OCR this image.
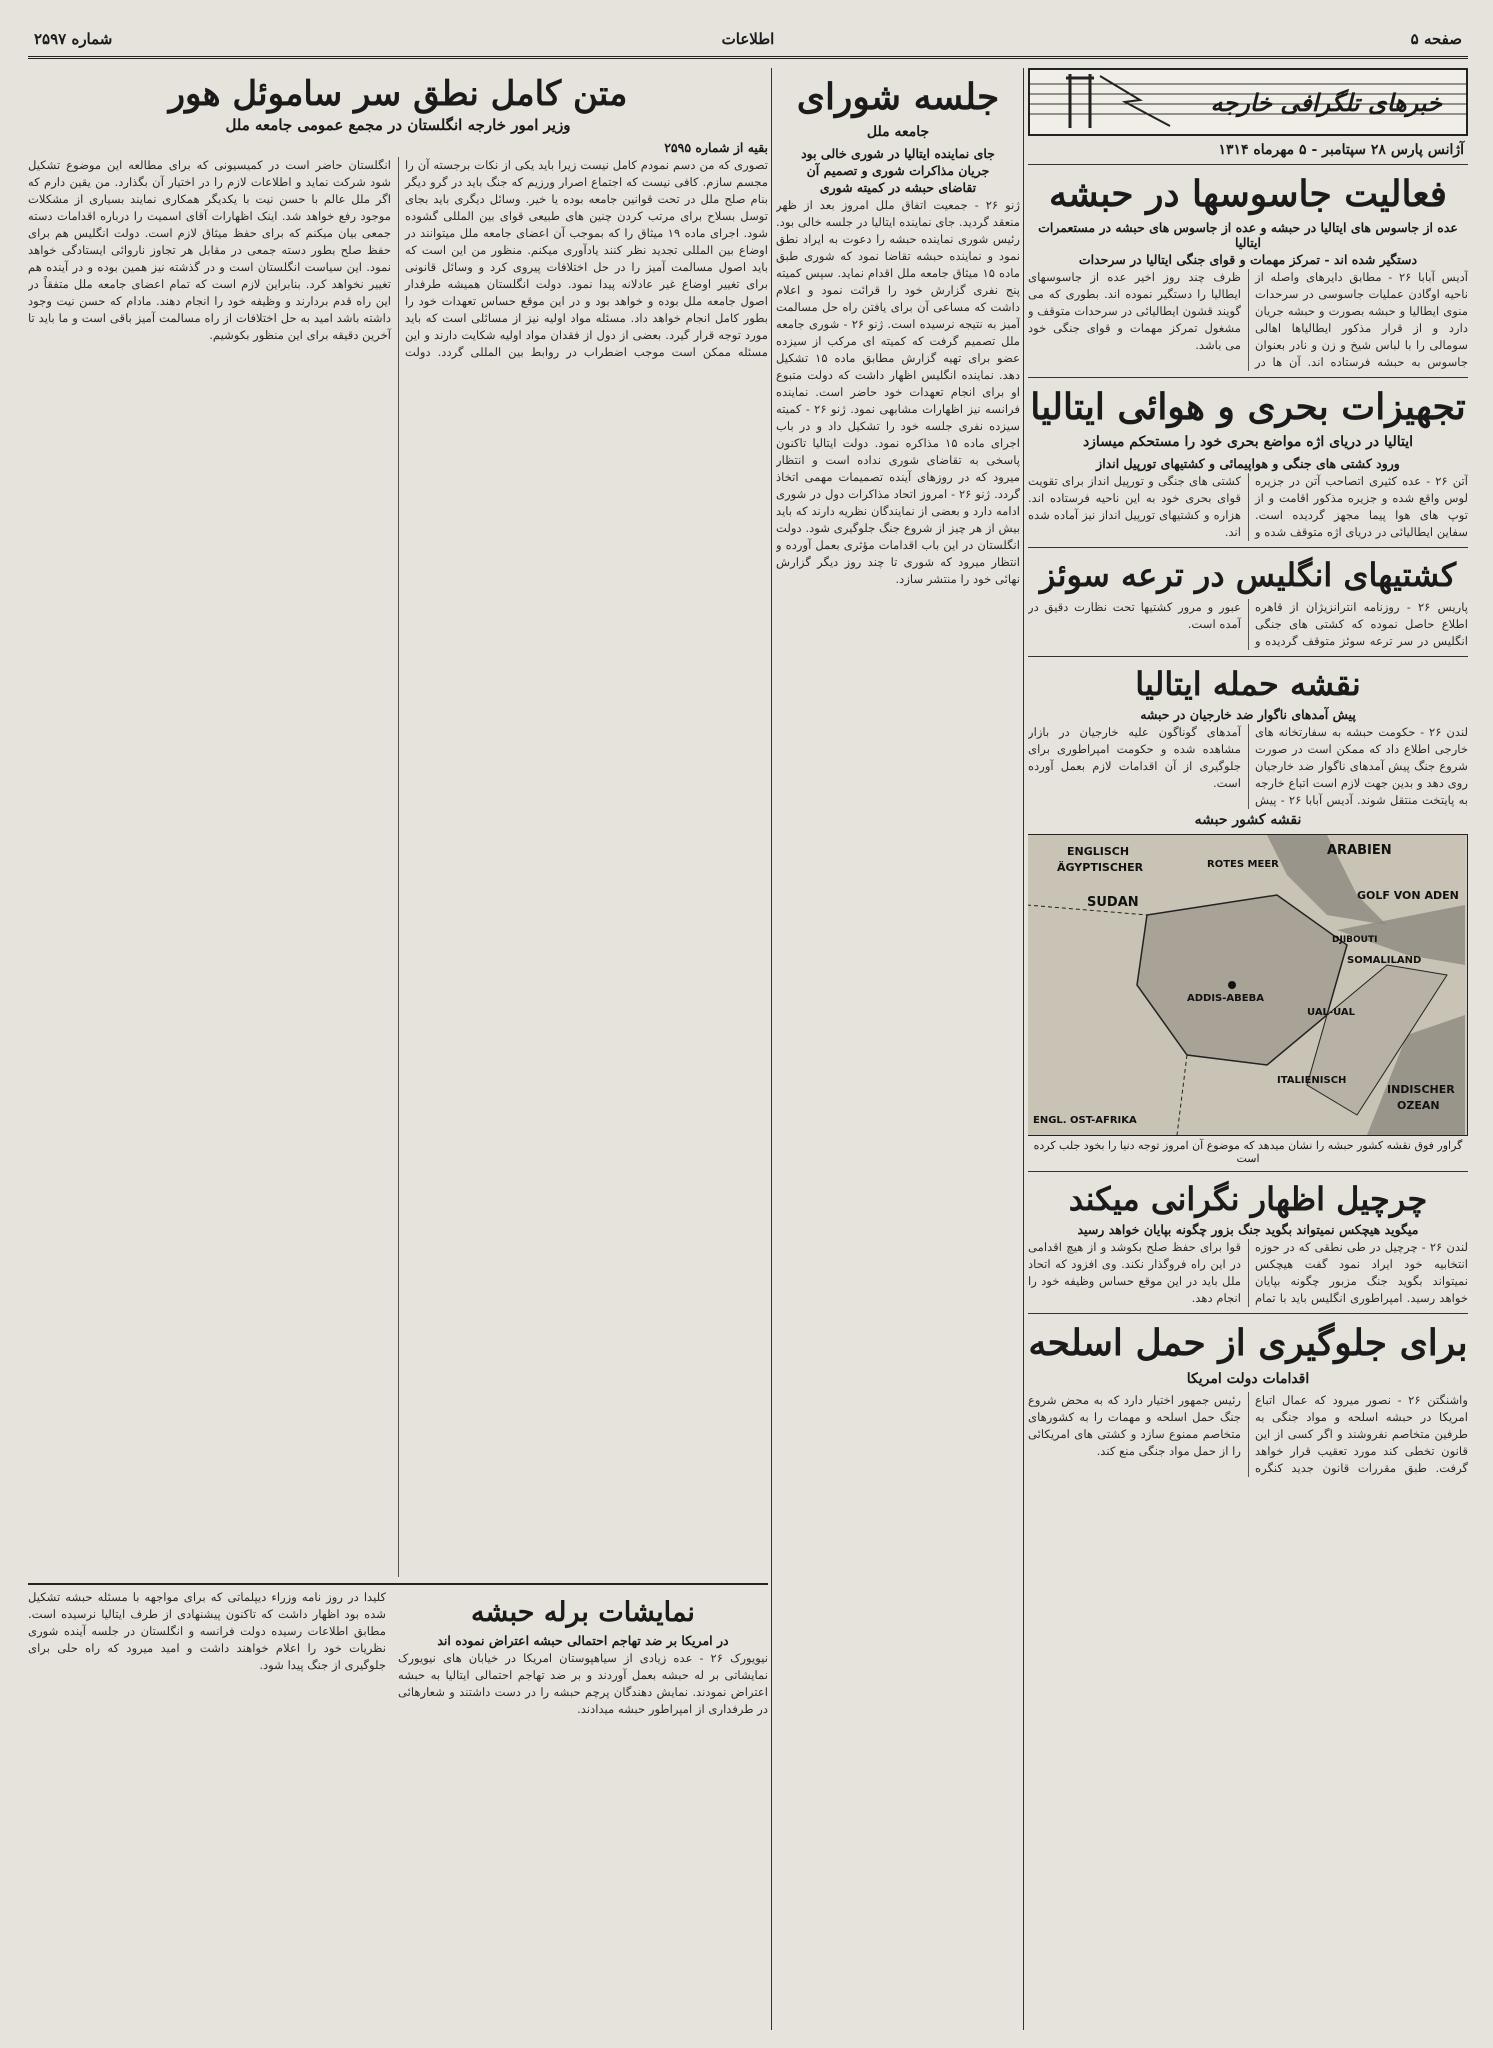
صفحه ۵
اطلاعات
شماره ۲۵۹۷
خبرهای تلگرافی خارجه
آژانس پارس ۲۸ سپتامبر - ۵ مهرماه ۱۳۱۴
فعالیت جاسوسها در حبشه
عده از جاسوس های ایتالیا در حبشه و عده از جاسوس های حبشه در مستعمرات ایتالیا
دستگیر شده اند - تمرکز مهمات و قوای جنگی ایتالیا در سرحدات
آدیس آبابا ۲۶ - مطابق دایرهای واصله از ناحیه اوگادن عملیات جاسوسی در سرحدات منوی ایطالیا و حبشه بصورت و حبشه جریان دارد و از قرار مذکور ایطالیاها اهالی سومالی را با لباس شیخ و زن و نادر بعنوان جاسوس به حبشه فرستاده اند. آن ها در ظرف چند روز اخیر عده از جاسوسهای ایطالیا را دستگیر نموده اند. بطوری که می گویند قشون ایطالیائی در سرحدات متوقف و مشغول تمرکز مهمات و قوای جنگی خود می باشد.
تجهیزات بحری و هوائی ایتالیا
ایتالیا در دریای اژه مواضع بحری خود را مستحکم میسازد
ورود کشتی های جنگی و هواپیمائی و کشتیهای تورپیل انداز
آتن ۲۶ - عده کثیری اتصاحب آتن در جزیره لوس واقع شده و جزیره مذکور اقامت و از توپ های هوا پیما مجهز گردیده است. سفاین ایطالیائی در دریای اژه متوقف شده و کشتی های جنگی و تورپیل انداز برای تقویت قوای بحری خود به این ناحیه فرستاده اند. هزاره و کشتیهای تورپیل انداز نیز آماده شده اند.
کشتیهای انگلیس در ترعه سوئز
پاریس ۲۶ - روزنامه انترانزیژان از قاهره اطلاع حاصل نموده که کشتی های جنگی انگلیس در سر ترعه سوئز متوقف گردیده و عبور و مرور کشتیها تحت نظارت دقیق در آمده است.
نقشه حمله ایتالیا
پیش آمدهای ناگوار ضد خارجیان در حبشه
لندن ۲۶ - حکومت حبشه به سفارتخانه های خارجی اطلاع داد که ممکن است در صورت شروع جنگ پیش آمدهای ناگوار ضد خارجیان روی دهد و بدین جهت لازم است اتباع خارجه به پایتخت منتقل شوند. آدیس آبابا ۲۶ - پیش آمدهای گوناگون علیه خارجیان در بازار مشاهده شده و حکومت امپراطوری برای جلوگیری از آن اقدامات لازم بعمل آورده است.
نقشه کشور حبشه
ENGLISCH
ÄGYPTISCHER
SUDAN
ARABIEN
GOLF VON ADEN
DJIBOUTI
ADDIS-ABEBA
SOMALILAND
UAL-UAL
ITALIENISCH
INDISCHER
OZEAN
ENGL. OST-AFRIKA
ROTES MEER
گراور فوق نقشه کشور حبشه را نشان میدهد که موضوع آن امروز توجه دنیا را بخود جلب کرده است
چرچیل اظهار نگرانی میکند
میگوید هیچکس نمیتواند بگوید جنگ بزور چگونه بپایان خواهد رسید
لندن ۲۶ - چرچیل در طی نطقی که در حوزه انتخابیه خود ایراد نمود گفت هیچکس نمیتواند بگوید جنگ مزبور چگونه بپایان خواهد رسید. امپراطوری انگلیس باید با تمام قوا برای حفظ صلح بکوشد و از هیچ اقدامی در این راه فروگذار نکند. وی افزود که اتحاد ملل باید در این موقع حساس وظیفه خود را انجام دهد.
برای جلوگیری از حمل اسلحه
اقدامات دولت امریکا
واشنگتن ۲۶ - نصور میرود که عمال اتباع امریکا در حبشه اسلحه و مواد جنگی به طرفین متخاصم نفروشند و اگر کسی از این قانون تخطی کند مورد تعقیب قرار خواهد گرفت. طبق مقررات قانون جدید کنگره رئیس جمهور اختیار دارد که به محض شروع جنگ حمل اسلحه و مهمات را به کشورهای متخاصم ممنوع سازد و کشتی های امریکائی را از حمل مواد جنگی منع کند.
جلسه شورای
جامعه ملل
جای نماینده ایتالیا در شوری خالی بود
جریان مذاکرات شوری و تصمیم آن
تقاضای حبشه در کمیته شوری
ژنو ۲۶ - جمعیت اتفاق ملل امروز بعد از ظهر منعقد گردید. جای نماینده ایتالیا در جلسه خالی بود. رئیس شوری نماینده حبشه را دعوت به ایراد نطق نمود و نماینده حبشه تقاضا نمود که شوری طبق ماده ۱۵ میثاق جامعه ملل اقدام نماید. سپس کمیته پنج نفری گزارش خود را قرائت نمود و اعلام داشت که مساعی آن برای یافتن راه حل مسالمت آمیز به نتیجه نرسیده است. ژنو ۲۶ - شوری جامعه ملل تصمیم گرفت که کمیته ای مرکب از سیزده عضو برای تهیه گزارش مطابق ماده ۱۵ تشکیل دهد. نماینده انگلیس اظهار داشت که دولت متبوع او برای انجام تعهدات خود حاضر است. نماینده فرانسه نیز اظهارات مشابهی نمود. ژنو ۲۶ - کمیته سیزده نفری جلسه خود را تشکیل داد و در باب اجرای ماده ۱۵ مذاکره نمود. دولت ایتالیا تاکنون پاسخی به تقاضای شوری نداده است و انتظار میرود که در روزهای آینده تصمیمات مهمی اتخاذ گردد. ژنو ۲۶ - امروز اتحاد مذاکرات دول در شوری ادامه دارد و بعضی از نمایندگان نظریه دارند که باید بیش از هر چیز از شروع جنگ جلوگیری شود. دولت انگلستان در این باب اقدامات مؤثری بعمل آورده و انتظار میرود که شوری تا چند روز دیگر گزارش نهائی خود را منتشر سازد.
متن کامل نطق سر ساموئل هور
وزیر امور خارجه انگلستان در مجمع عمومی جامعه ملل
بقیه از شماره ۲۵۹۵
تصوری که من دسم نمودم کامل نیست زیرا باید یکی از نکات برجسته آن را مجسم سازم. کافی نیست که اجتماع اصرار ورزیم که جنگ باید در گرو دیگر بنام صلح ملل در تحت قوانین جامعه بوده یا خیر. وسائل دیگری باید بجای توسل بسلاح برای مرتب کردن چنین های طبیعی قوای بین المللی گشوده شود. اجرای ماده ۱۹ میثاق را که بموجب آن اعضای جامعه ملل میتوانند در اوضاع بین المللی تجدید نظر کنند یادآوری میکنم. منظور من این است که باید اصول مسالمت آمیز را در حل اختلافات پیروی کرد و وسائل قانونی برای تغییر اوضاع غیر عادلانه پیدا نمود. دولت انگلستان همیشه طرفدار اصول جامعه ملل بوده و خواهد بود و در این موقع حساس تعهدات خود را بطور کامل انجام خواهد داد. مسئله مواد اولیه نیز از مسائلی است که باید مورد توجه قرار گیرد. بعضی از دول از فقدان مواد اولیه شکایت دارند و این مسئله ممکن است موجب اضطراب در روابط بین المللی گردد. دولت انگلستان حاضر است در کمیسیونی که برای مطالعه این موضوع تشکیل شود شرکت نماید و اطلاعات لازم را در اختیار آن بگذارد. من یقین دارم که اگر ملل عالم با حسن نیت با یکدیگر همکاری نمایند بسیاری از مشکلات موجود رفع خواهد شد. اینک اظهارات آقای اسمیت را درباره اقدامات دسته جمعی بیان میکنم که برای حفظ میثاق لازم است. دولت انگلیس هم برای حفظ صلح بطور دسته جمعی در مقابل هر تجاوز ناروائی ایستادگی خواهد نمود. این سیاست انگلستان است و در گذشته نیز همین بوده و در آینده هم تغییر نخواهد کرد. بنابراین لازم است که تمام اعضای جامعه ملل متفقاً در این راه قدم بردارند و وظیفه خود را انجام دهند. مادام که حسن نیت وجود داشته باشد امید به حل اختلافات از راه مسالمت آمیز باقی است و ما باید تا آخرین دقیقه برای این منظور بکوشیم.
نمایشات برله حبشه
در امریکا بر ضد تهاجم احتمالی حبشه اعتراض نموده اند
نیویورک ۲۶ - عده زیادی از سیاهپوستان امریکا در خیابان های نیویورک نمایشاتی بر له حبشه بعمل آوردند و بر ضد تهاجم احتمالی ایتالیا به حبشه اعتراض نمودند. نمایش دهندگان پرچم حبشه را در دست داشتند و شعارهائی در طرفداری از امپراطور حبشه میدادند.
کلیدا در روز نامه وزراء دیپلماتی که برای مواجهه با مسئله حبشه تشکیل شده بود اظهار داشت که تاکنون پیشنهادی از طرف ایتالیا نرسیده است. مطابق اطلاعات رسیده دولت فرانسه و انگلستان در جلسه آینده شوری نظریات خود را اعلام خواهند داشت و امید میرود که راه حلی برای جلوگیری از جنگ پیدا شود.
